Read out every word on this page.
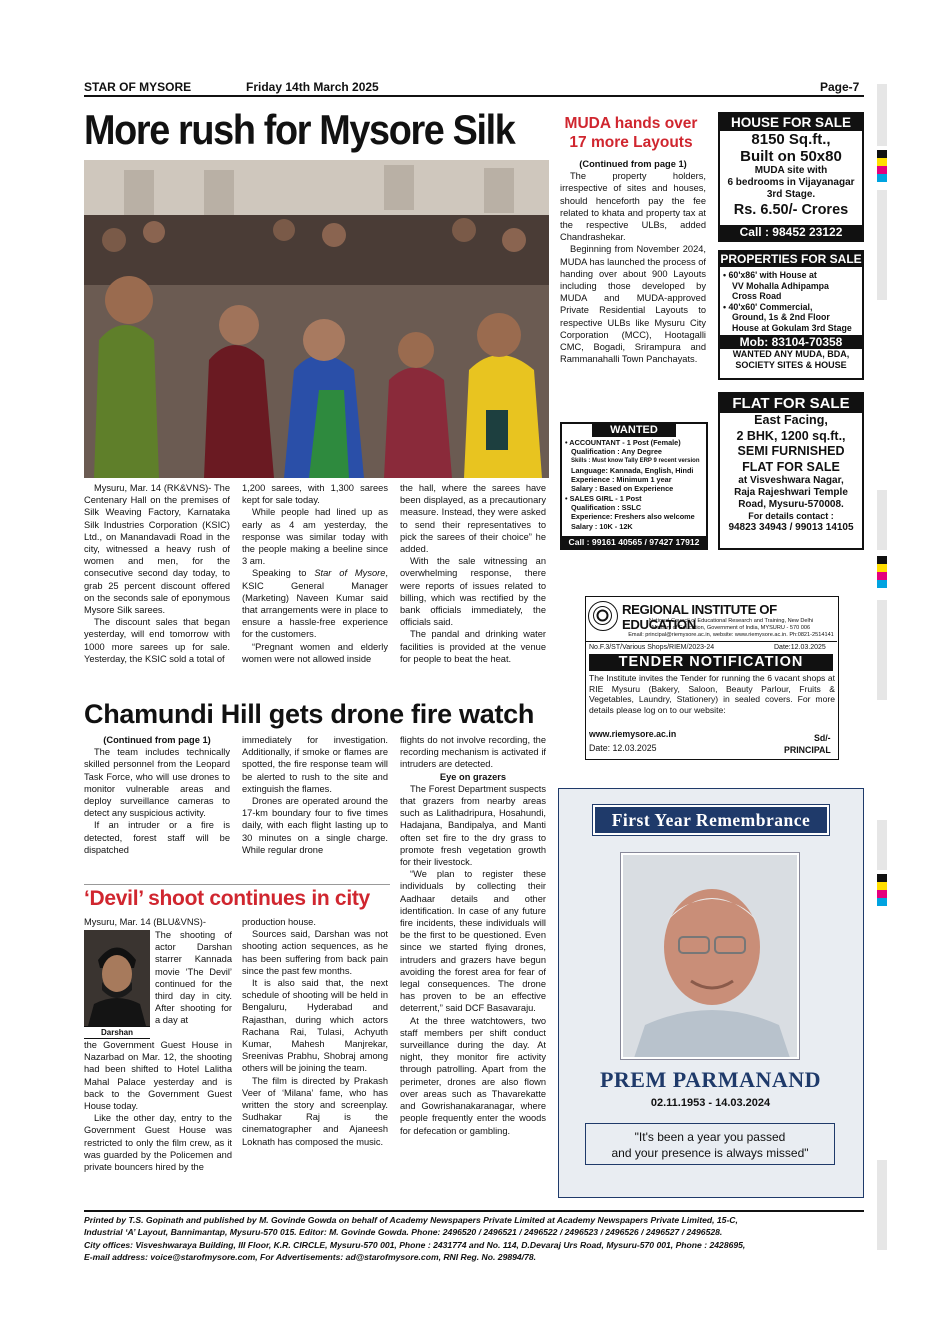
STAR OF MYSORE	Friday 14th March 2025	Page-7
More rush for Mysore Silk

Mysuru, Mar. 14 (RK&VNS)- The Centenary Hall on the premises of Silk Weaving Factory, Karnataka Silk Industries Corporation (KSIC) Ltd., on Manandavadi Road in the city, witnessed a heavy rush of women and men, for the consecutive second day today, to grab 25 percent discount offered on the seconds sale of eponymous Mysore Silk sarees.

The discount sales that began yesterday, will end tomorrow with 1000 more sarees up for sale. Yesterday, the KSIC sold a total of

1,200 sarees, with 1,300 sarees kept for sale today.

While people had lined up as early as 4 am yesterday, the response was similar today with the people making a beeline since 3 am.

Speaking to Star of Mysore, KSIC General Manager (Marketing) Naveen Kumar said that arrangements were in place to ensure a hassle-free experience for the customers.

“Pregnant women and elderly women were not allowed inside

the hall, where the sarees have been displayed, as a precautionary measure. Instead, they were asked to send their representatives to pick the sarees of their choice” he added.

With the sale witnessing an overwhelming response, there were reports of issues related to billing, which was rectified by the bank officials immediately, the officials said.

The pandal and drinking water facilities is provided at the venue for people to beat the heat.

MUDA hands over 17 more Layouts

(Continued from page 1)

The property holders, irrespective of sites and houses, should henceforth pay the fee related to khata and property tax at the respective ULBs, added Chandrashekar.

Beginning from November 2024, MUDA has launched the process of handing over about 900 Layouts including those developed by MUDA and MUDA-approved Private Residential Layouts to respective ULBs like Mysuru City Corporation (MCC), Hootagalli CMC, Bogadi, Srirampura and Rammanahalli Town Panchayats.

HOUSE FOR SALE
8150 Sq.ft.,
Built on 50x80
MUDA site with
6 bedrooms in Vijayanagar
3rd Stage.
Rs. 6.50/- Crores
Call : 98452 23122
PROPERTIES FOR SALE
• 60'x86' with House at
VV Mohalla Adhipampa
Cross Road
• 40'x60' Commercial,
Ground, 1s & 2nd Floor
House at Gokulam 3rd Stage
Mob: 83104-70358
WANTED ANY MUDA, BDA, SOCIETY SITES & HOUSE
WANTED
• ACCOUNTANT - 1 Post (Female)
Qualification : Any Degree
Skills : Must know Tally ERP 9 recent version
Language: Kannada, English, Hindi
Experience : Minimum 1 year
Salary : Based on Experience
• SALES GIRL - 1 Post
Qualification : SSLC
Experience: Freshers also welcome
Salary : 10K - 12K
Call : 99161 40565 / 97427 17912
FLAT FOR SALE
East Facing,
2 BHK, 1200 sq.ft.,
SEMI FURNISHED
FLAT FOR SALE
at Visveshwara Nagar,
Raja Rajeshwari Temple
Road, Mysuru-570008.
For details contact :
94823 34943 / 99013 14105
REGIONAL INSTITUTE OF EDUCATION
National Council of Educational Research and Training, New Delhi
Ministry of Education, Government of India, MYSURU - 570 006
Email: principal@riemysore.ac.in, website: www.riemysore.ac.in. Ph:0821-2514141
No.F.3/ST/Various Shops/RIEM/2023-24	Date:12.03.2025
TENDER NOTIFICATION
The Institute invites the Tender for running the 6 vacant shops at RIE Mysuru (Bakery, Saloon, Beauty Parlour, Fruits & Vegetables, Laundry, Stationery) in sealed covers. For more details please log on to our website:
www.riemysore.ac.in	Sd/-
Date: 12.03.2025	PRINCIPAL
Chamundi Hill gets drone fire watch

(Continued from page 1)

The team includes technically skilled personnel from the Leopard Task Force, who will use drones to monitor vulnerable areas and deploy surveillance cameras to detect any suspicious activity.

If an intruder or a fire is detected, forest staff will be dispatched

immediately for investigation. Additionally, if smoke or flames are spotted, the fire response team will be alerted to rush to the site and extinguish the flames.

Drones are operated around the 17-km boundary four to five times daily, with each flight lasting up to 30 minutes on a single charge. While regular drone

flights do not involve recording, the recording mechanism is activated if intruders are detected.

Eye on grazers

The Forest Department suspects that grazers from nearby areas such as Lalithadripura, Hosahundi, Hadajana, Bandipalya, and Manti often set fire to the dry grass to promote fresh vegetation growth for their livestock.

“We plan to register these individuals by collecting their Aadhaar details and other identification. In case of any future fire incidents, these individuals will be the first to be questioned. Even since we started flying drones, intruders and grazers have begun avoiding the forest area for fear of legal consequences. The drone has proven to be an effective deterrent,” said DCF Basavaraju.

At the three watchtowers, two staff members per shift conduct surveillance during the day. At night, they monitor fire activity through patrolling. Apart from the perimeter, drones are also flown over areas such as Thavarekatte and Gowrishanakaranagar, where people frequently enter the woods for defecation or gambling.

‘Devil’ shoot continues in city
Mysuru, Mar. 14 (BLU&VNS)-
Darshan
The shooting of actor Darshan starrer Kannada movie ‘The Devil’ continued for the third day in city. After shooting for a day at

the Government Guest House in Nazarbad on Mar. 12, the shooting had been shifted to Hotel Lalitha Mahal Palace yesterday and is back to the Government Guest House today.

Like the other day, entry to the Government Guest House was restricted to only the film crew, as it was guarded by the Policemen and private bouncers hired by the

production house.

Sources said, Darshan was not shooting action sequences, as he has been suffering from back pain since the past few months.

It is also said that, the next schedule of shooting will be held in Bengaluru, Hyderabad and Rajasthan, during which actors Rachana Rai, Tulasi, Achyuth Kumar, Mahesh Manjrekar, Sreenivas Prabhu, Shobraj among others will be joining the team.

The film is directed by Prakash Veer of ‘Milana’ fame, who has written the story and screenplay. Sudhakar Raj is the cinematographer and Ajaneesh Loknath has composed the music.

First Year Remembrance
PREM PARMANAND
02.11.1953 - 14.03.2024
"It's been a year you passed
and your presence is always missed"
Printed by T.S. Gopinath and published by M. Govinde Gowda on behalf of Academy Newspapers Private Limited at Academy Newspapers Private Limited, 15-C,
Industrial ‘A’ Layout, Bannimantap, Mysuru-570 015. Editor: M. Govinde Gowda. Phone: 2496520 / 2496521 / 2496522 / 2496523 / 2496526 / 2496527 / 2496528.
City offices: Visveshwaraya Building, III Floor, K.R. CIRCLE, Mysuru-570 001, Phone : 2431774 and No. 114, D.Devaraj Urs Road, Mysuru-570 001, Phone : 2428695,
E-mail address: voice@starofmysore.com, For Advertisements: ad@starofmysore.com, RNI Reg. No. 29894/78.
